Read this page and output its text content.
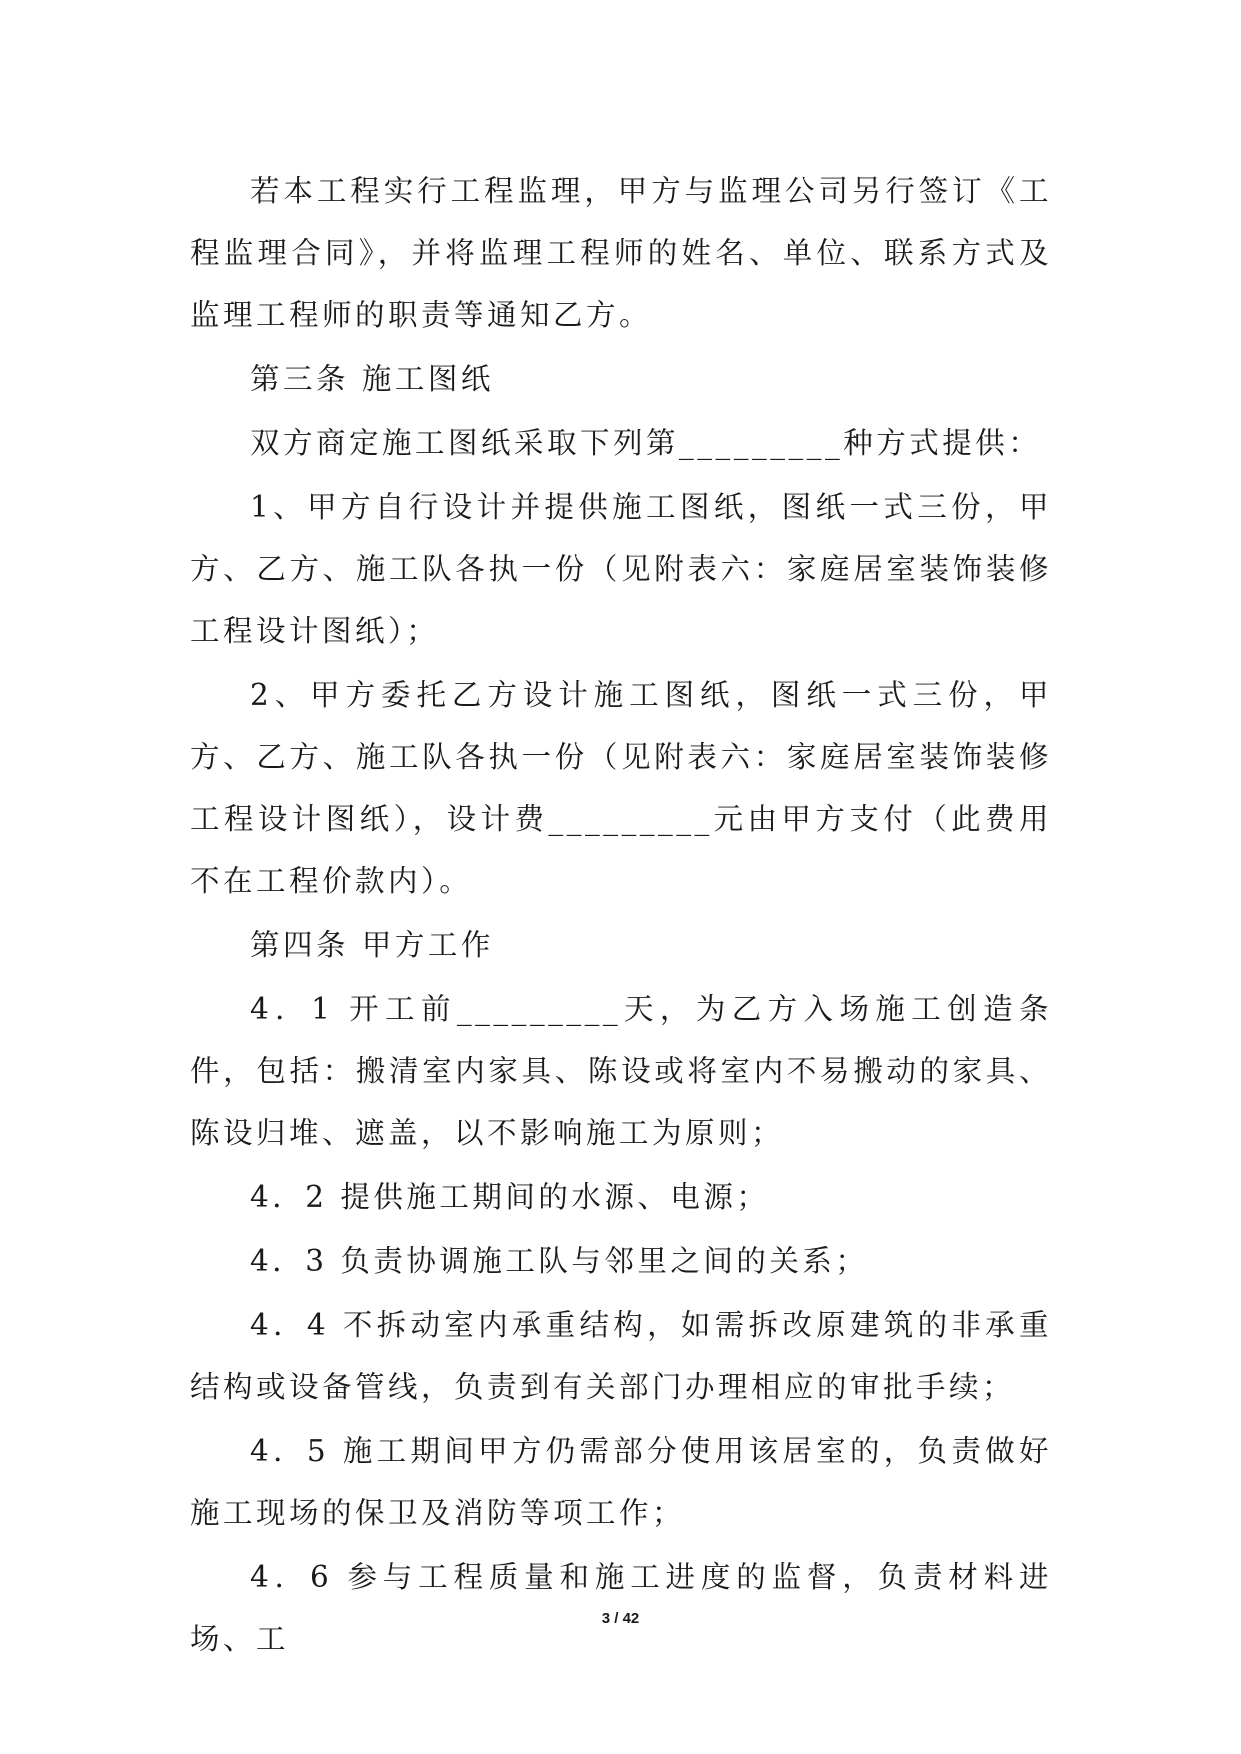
若本工程实行工程监理，甲方与监理公司另行签订《工程监理合同》，并将监理工程师的姓名、单位、联系方式及监理工程师的职责等通知乙方。

第三条 施工图纸

双方商定施工图纸采取下列第_________种方式提供：

1、甲方自行设计并提供施工图纸，图纸一式三份，甲方、乙方、施工队各执一份（见附表六：家庭居室装饰装修工程设计图纸）；

2、甲方委托乙方设计施工图纸，图纸一式三份，甲方、乙方、施工队各执一份（见附表六：家庭居室装饰装修工程设计图纸），设计费_________元由甲方支付（此费用不在工程价款内）。

第四条 甲方工作

4．1 开工前_________天，为乙方入场施工创造条件，包括：搬清室内家具、陈设或将室内不易搬动的家具、陈设归堆、遮盖，以不影响施工为原则；

4．2 提供施工期间的水源、电源；

4．3 负责协调施工队与邻里之间的关系；

4．4 不拆动室内承重结构，如需拆改原建筑的非承重结构或设备管线，负责到有关部门办理相应的审批手续；

4．5 施工期间甲方仍需部分使用该居室的，负责做好施工现场的保卫及消防等项工作；

4．6 参与工程质量和施工进度的监督，负责材料进场、工

3 / 42
